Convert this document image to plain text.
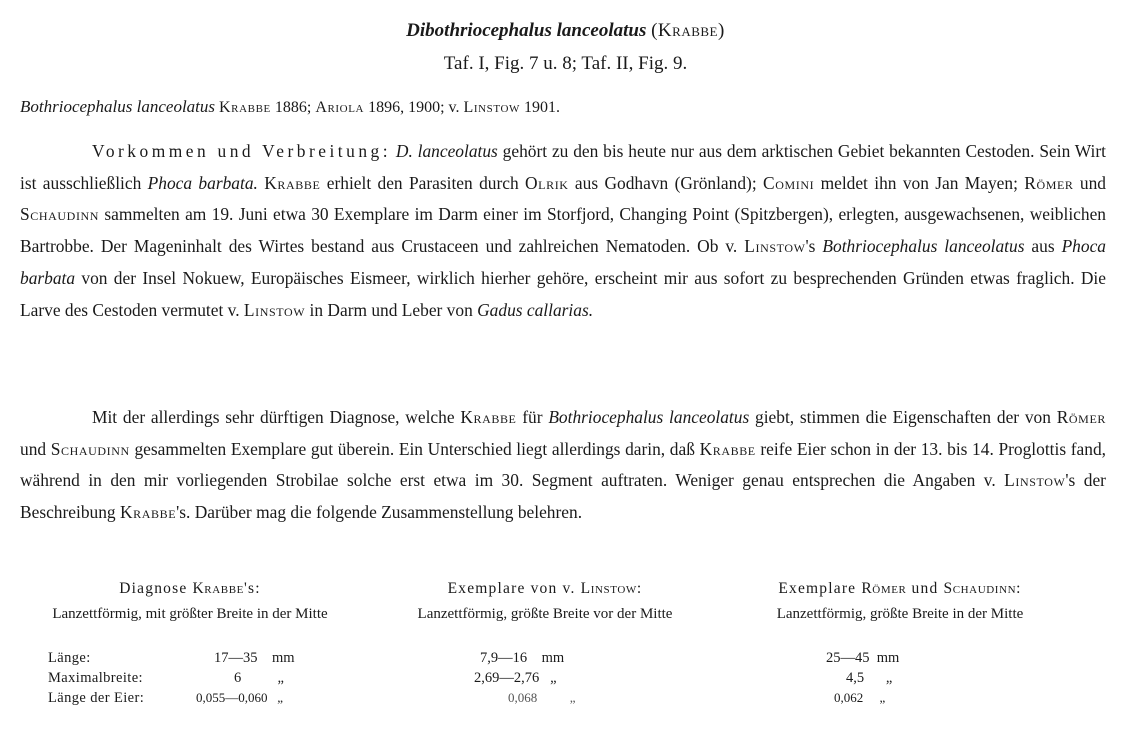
Dibothriocephalus lanceolatus (Krabbe)
Taf. I, Fig. 7 u. 8; Taf. II, Fig. 9.
Bothriocephalus lanceolatus Krabbe 1886; Ariola 1896, 1900; v. Linstow 1901.

Vorkommen und Verbreitung: D. lanceolatus gehört zu den bis heute nur aus dem arktischen Gebiet bekannten Cestoden. Sein Wirt ist ausschließlich Phoca barbata. Krabbe erhielt den Parasiten durch Olrik aus Godhavn (Grönland); Comini meldet ihn von Jan Mayen; Römer und Schaudinn sammelten am 19. Juni etwa 30 Exemplare im Darm einer im Storfjord, Changing Point (Spitzbergen), erlegten, ausgewachsenen, weiblichen Bartrobbe. Der Mageninhalt des Wirtes bestand aus Crustaceen und zahlreichen Nematoden. Ob v. Linstow's Bothriocephalus lanceolatus aus Phoca barbata von der Insel Nokuew, Europäisches Eismeer, wirklich hierher gehöre, erscheint mir aus sofort zu besprechenden Gründen etwas fraglich. Die Larve des Cestoden vermutet v. Linstow in Darm und Leber von Gadus callarias.

Mit der allerdings sehr dürftigen Diagnose, welche Krabbe für Bothriocephalus lanceolatus giebt, stimmen die Eigenschaften der von Römer und Schaudinn gesammelten Exemplare gut überein. Ein Unterschied liegt allerdings darin, daß Krabbe reife Eier schon in der 13. bis 14. Proglottis fand, während in den mir vorliegenden Strobilae solche erst etwa im 30. Segment auftraten. Weniger genau entsprechen die Angaben v. Linstow's der Beschreibung Krabbe's. Darüber mag die folgende Zusammenstellung belehren.

Diagnose Krabbe's:
Lanzettförmig, mit größter Breite in der Mitte
Exemplare von v. Linstow:
Lanzettförmig, größte Breite vor der Mitte
Exemplare Römer und Schaudinn:
Lanzettförmig, größte Breite in der Mitte
Länge:	17—35    mm	7,9—16    mm	25—45  mm
Maximalbreite:	6          „	2,69—2,76   „	4,5      „
Länge der Eier:	0,055—0,060   „	0,068          „	0,062     „
